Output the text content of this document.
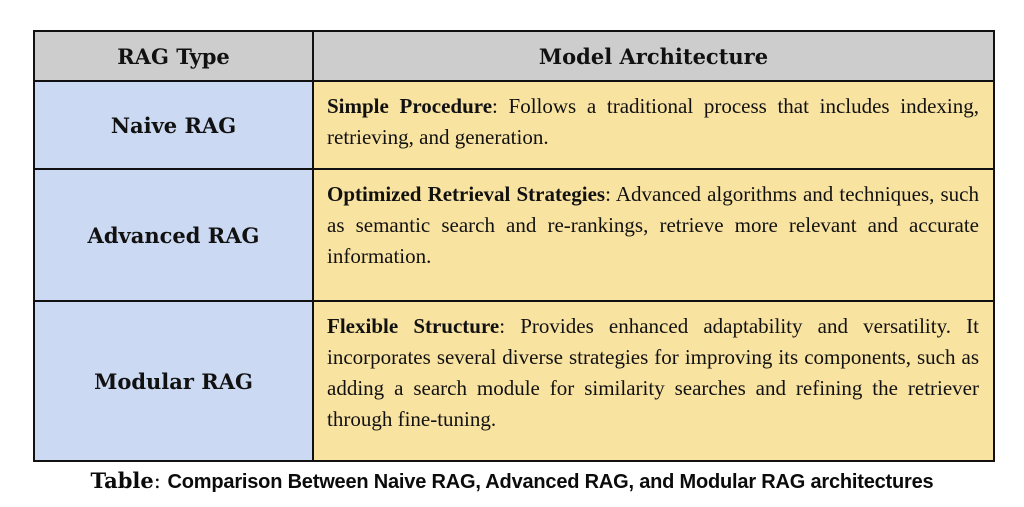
RAG Type	Model Architecture
Naive RAG	Simple Procedure: Follows a traditional process that includes indexing, retrieving, and generation.
Advanced RAG	Optimized Retrieval Strategies: Advanced algorithms and techniques, such as semantic search and re-rankings, retrieve more relevant and accurate information.
Modular RAG	Flexible Structure: Provides enhanced adaptability and versatility. It incorporates several diverse strategies for improving its components, such as adding a search module for similarity searches and refining the retriever through fine-tuning.
Table: Comparison Between Naive RAG, Advanced RAG, and Modular RAG architectures
